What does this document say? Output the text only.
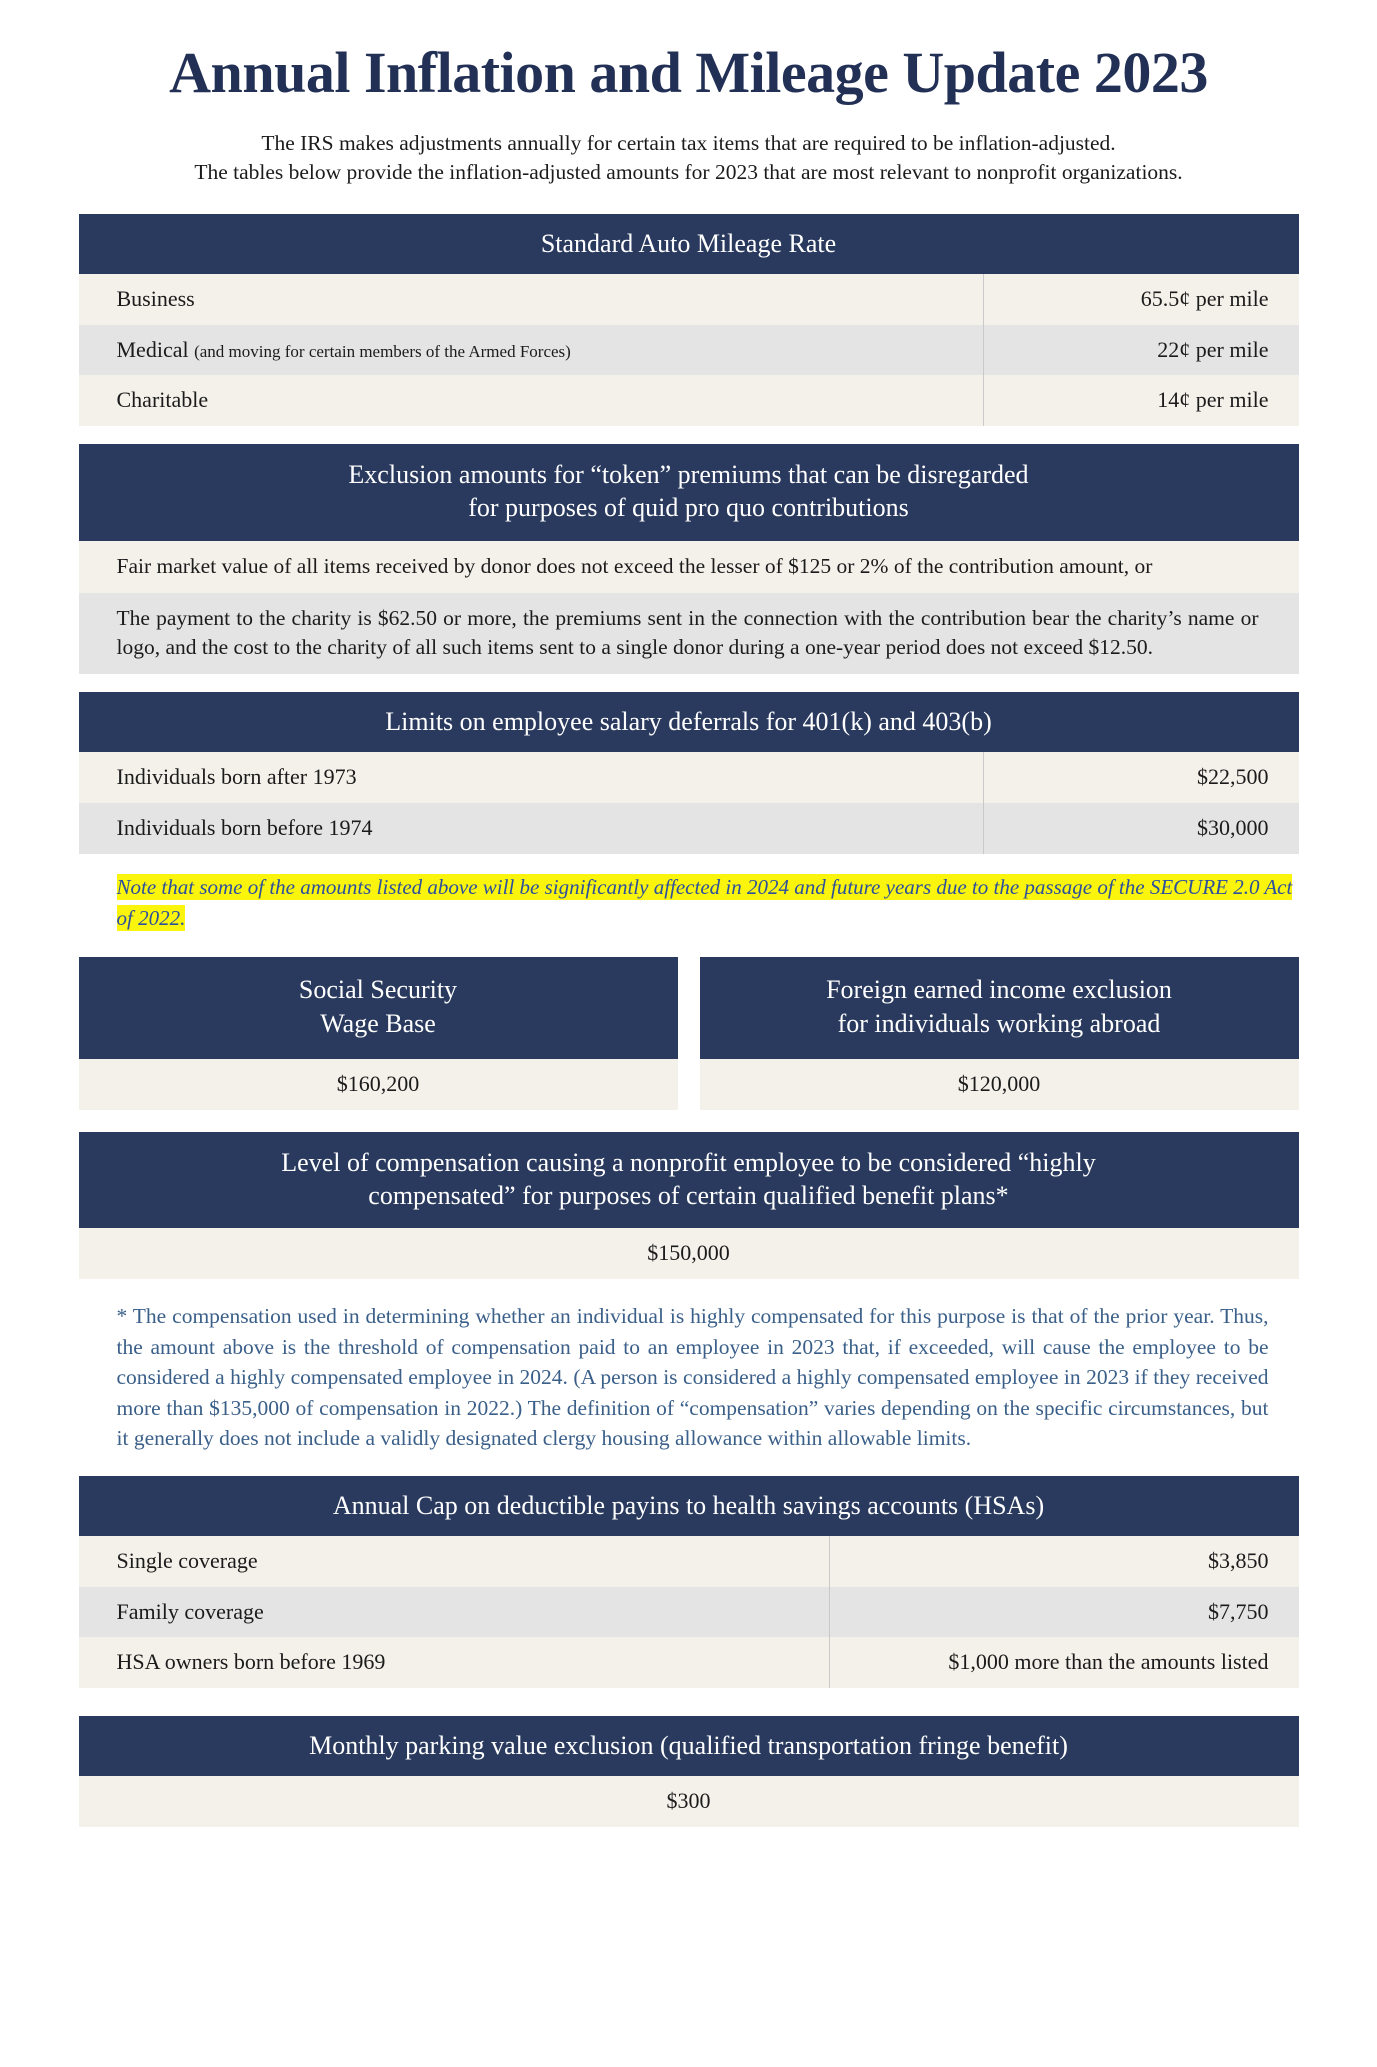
Annual Inflation and Mileage Update 2023
The IRS makes adjustments annually for certain tax items that are required to be inflation-adjusted.
The tables below provide the inflation-adjusted amounts for 2023 that are most relevant to nonprofit organizations.
Standard Auto Mileage Rate
Business	65.5¢ per mile
Medical (and moving for certain members of the Armed Forces)	22¢ per mile
Charitable	14¢ per mile
Exclusion amounts for “token” premiums that can be disregarded
for purposes of quid pro quo contributions
Fair market value of all items received by donor does not exceed the lesser of $125 or 2% of the contribution amount, or
The payment to the charity is $62.50 or more, the premiums sent in the connection with the contribution bear the charity’s name or logo, and the cost to the charity of all such items sent to a single donor during a one-year period does not exceed $12.50.
Limits on employee salary deferrals for 401(k) and 403(b)
Individuals born after 1973	$22,500
Individuals born before 1974	$30,000
Note that some of the amounts listed above will be significantly affected in 2024 and future years due to the passage of the SECURE 2.0 Act of 2022.
Social Security
Wage Base
$160,200
Foreign earned income exclusion
for individuals working abroad
$120,000
Level of compensation causing a nonprofit employee to be considered “highly
compensated” for purposes of certain qualified benefit plans*
$150,000
* The compensation used in determining whether an individual is highly compensated for this purpose is that of the prior year. Thus, the amount above is the threshold of compensation paid to an employee in 2023 that, if exceeded, will cause the employee to be considered a highly compensated employee in 2024. (A person is considered a highly compensated employee in 2023 if they received more than $135,000 of compensation in 2022.) The definition of “compensation” varies depending on the specific circumstances, but it generally does not include a validly designated clergy housing allowance within allowable limits.
Annual Cap on deductible payins to health savings accounts (HSAs)
Single coverage	$3,850
Family coverage	$7,750
HSA owners born before 1969	$1,000 more than the amounts listed
Monthly parking value exclusion (qualified transportation fringe benefit)
$300
